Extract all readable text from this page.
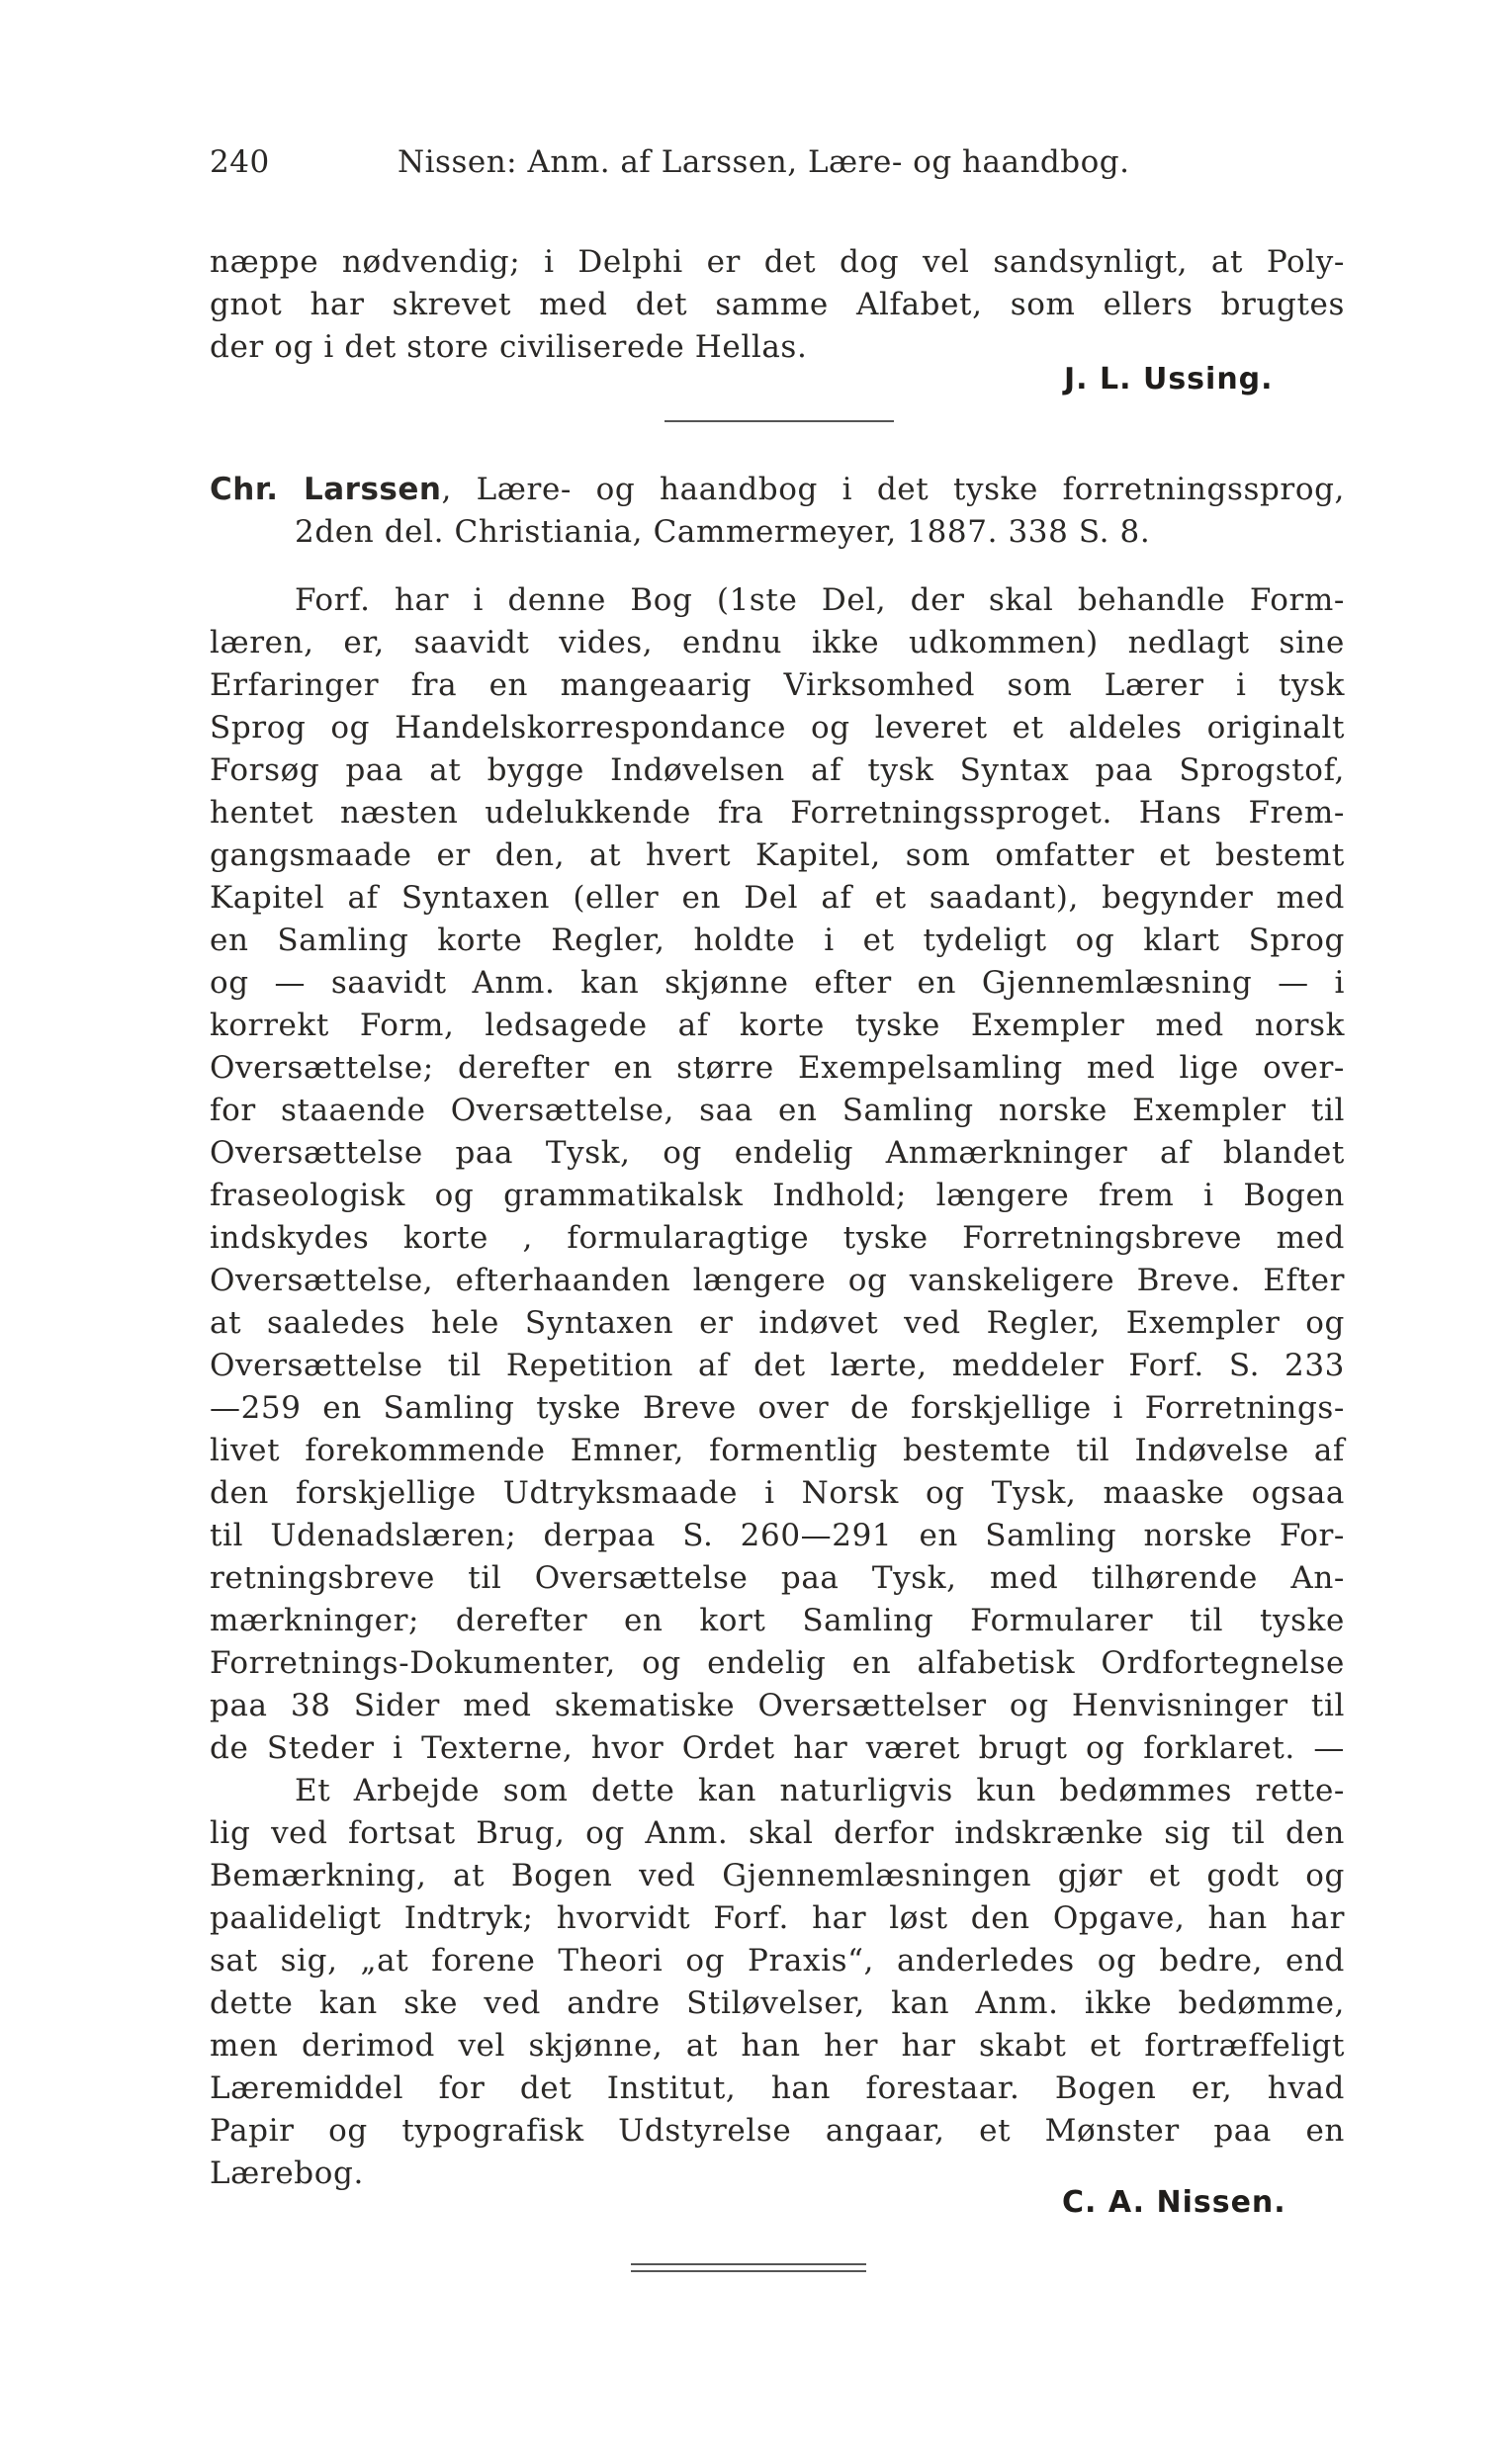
240	Nissen: Anm. af Larssen, Lære- og haandbog.
næppe nødvendig; i Delphi er det dog vel sandsynligt, at Poly-
gnot har skrevet med det samme Alfabet, som ellers brugtes
der og i det store civiliserede Hellas.
J. L. Ussing.
Chr. Larssen, Lære- og haandbog i det tyske forretningssprog,
2den del. Christiania, Cammermeyer, 1887. 338 S. 8.
Forf. har i denne Bog (1ste Del, der skal behandle Form-
læren, er, saavidt vides, endnu ikke udkommen) nedlagt sine
Erfaringer fra en mangeaarig Virksomhed som Lærer i tysk
Sprog og Handelskorrespondance og leveret et aldeles originalt
Forsøg paa at bygge Indøvelsen af tysk Syntax paa Sprogstof,
hentet næsten udelukkende fra Forretningssproget. Hans Frem-
gangsmaade er den, at hvert Kapitel, som omfatter et bestemt
Kapitel af Syntaxen (eller en Del af et saadant), begynder med
en Samling korte Regler, holdte i et tydeligt og klart Sprog
og — saavidt Anm. kan skjønne efter en Gjennemlæsning — i
korrekt Form, ledsagede af korte tyske Exempler med norsk
Oversættelse; derefter en større Exempelsamling med lige over-
for staaende Oversættelse, saa en Samling norske Exempler til
Oversættelse paa Tysk, og endelig Anmærkninger af blandet
fraseologisk og grammatikalsk Indhold; længere frem i Bogen
indskydes korte , formularagtige tyske Forretningsbreve med
Oversættelse, efterhaanden længere og vanskeligere Breve. Efter
at saaledes hele Syntaxen er indøvet ved Regler, Exempler og
Oversættelse til Repetition af det lærte, meddeler Forf. S. 233
—259 en Samling tyske Breve over de forskjellige i Forretnings-
livet forekommende Emner, formentlig bestemte til Indøvelse af
den forskjellige Udtryksmaade i Norsk og Tysk, maaske ogsaa
til Udenadslæren; derpaa S. 260—291 en Samling norske For-
retningsbreve til Oversættelse paa Tysk, med tilhørende An-
mærkninger; derefter en kort Samling Formularer til tyske
Forretnings-Dokumenter, og endelig en alfabetisk Ordfortegnelse
paa 38 Sider med skematiske Oversættelser og Henvisninger til
de Steder i Texterne, hvor Ordet har været brugt og forklaret. —
Et Arbejde som dette kan naturligvis kun bedømmes rette-
lig ved fortsat Brug, og Anm. skal derfor indskrænke sig til den
Bemærkning, at Bogen ved Gjennemlæsningen gjør et godt og
paalideligt Indtryk; hvorvidt Forf. har løst den Opgave, han har
sat sig, „at forene Theori og Praxis“, anderledes og bedre, end
dette kan ske ved andre Stiløvelser, kan Anm. ikke bedømme,
men derimod vel skjønne, at han her har skabt et fortræffeligt
Læremiddel for det Institut, han forestaar. Bogen er, hvad
Papir og typografisk Udstyrelse angaar, et Mønster paa en
Lærebog.
C. A. Nissen.
